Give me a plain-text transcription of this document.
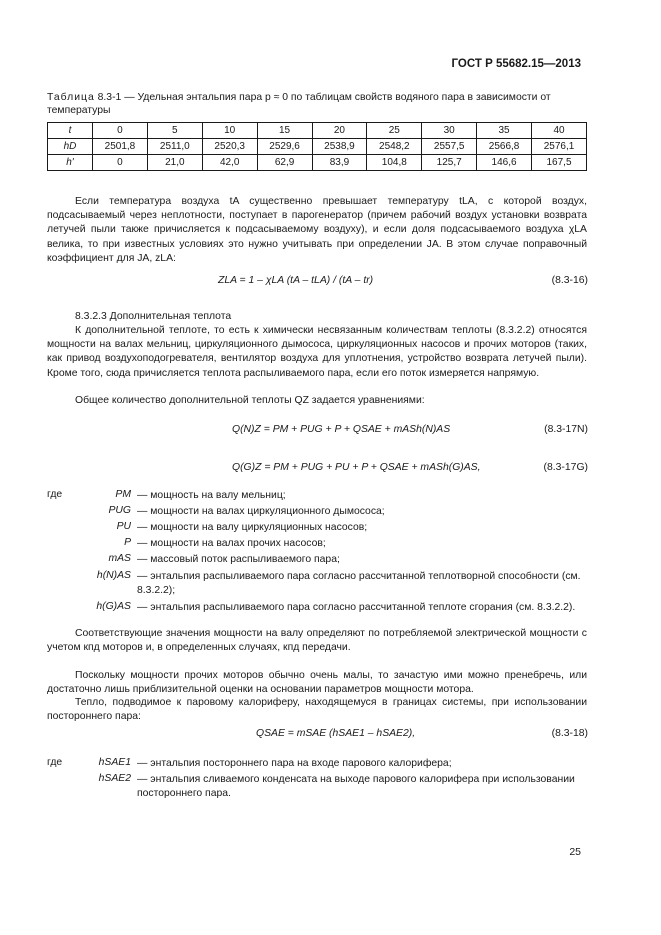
ГОСТ Р 55682.15—2013
Таблица 8.3-1 — Удельная энтальпия пара p ≈ 0 по таблицам свойств водяного пара в зависимости от температуры
t	0	5	10	15	20	25	30	35	40
hD	2501,8	2511,0	2520,3	2529,6	2538,9	2548,2	2557,5	2566,8	2576,1
h'	0	21,0	42,0	62,9	83,9	104,8	125,7	146,6	167,5
Если температура воздуха tA существенно превышает температуру tLA, с которой воздух, подсасываемый через неплотности, поступает в парогенератор (причем рабочий воздух установки возврата летучей пыли также причисляется к подсасываемому воздуху), и если доля подсасываемого воздуха χLA велика, то при известных условиях это нужно учитывать при определении JA. В этом случае поправочный коэффициент для JA, zLA:
ZLA = 1 – χLA (tA – tLA) / (tA – tr)	(8.3-16)
8.3.2.3 Дополнительная теплота
К дополнительной теплоте, то есть к химически несвязанным количествам теплоты (8.3.2.2) относятся мощности на валах мельниц, циркуляционного дымососа, циркуляционных насосов и прочих моторов (таких, как привод воздухоподогревателя, вентилятор воздуха для уплотнения, устройство возврата летучей пыли). Кроме того, сюда причисляется теплота распыливаемого пара, если его поток измеряется напрямую.
Общее количество дополнительной теплоты QZ задается уравнениями:
Q(N)Z = PM + PUG + P + QSAE + mASh(N)AS	(8.3-17N)
Q(G)Z = PM + PUG + PU + P + QSAE + mASh(G)AS,	(8.3-17G)
где	PM — мощность на валу мельниц;
PUG — мощности на валах циркуляционного дымососа;
PU — мощности на валу циркуляционных насосов;
P — мощности на валах прочих насосов;
mAS — массовый поток распыливаемого пара;
h(N)AS — энтальпия распыливаемого пара согласно рассчитанной теплотворной способности (см. 8.3.2.2);
h(G)AS — энтальпия распыливаемого пара согласно рассчитанной теплоте сгорания (см. 8.3.2.2).
Соответствующие значения мощности на валу определяют по потребляемой электрической мощности с учетом кпд моторов и, в определенных случаях, кпд передачи.
Поскольку мощности прочих моторов обычно очень малы, то зачастую ими можно пренебречь, или достаточно лишь приблизительной оценки на основании параметров мощности мотора.
Тепло, подводимое к паровому калориферу, находящемуся в границах системы, при использовании постороннего пара:
QSAE = mSAE (hSAE1 – hSAE2),	(8.3-18)
где	hSAE1 — энтальпия постороннего пара на входе парового калорифера;
hSAE2 — энтальпия сливаемого конденсата на выходе парового калорифера при использовании постороннего пара.
25
